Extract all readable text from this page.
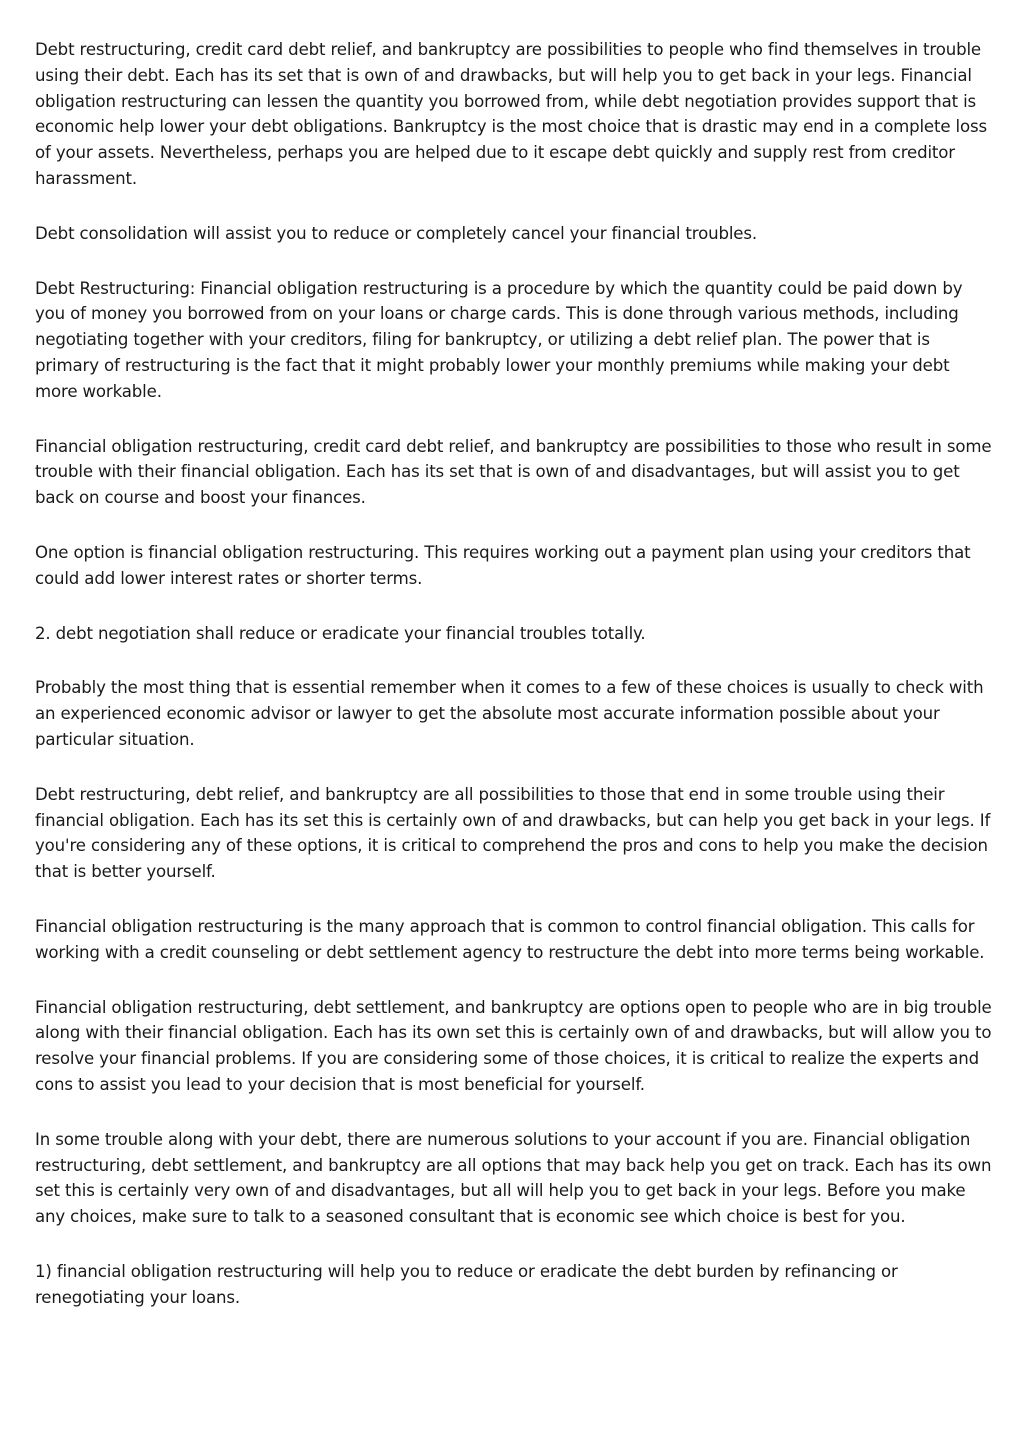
Debt restructuring, credit card debt relief, and bankruptcy are possibilities to people who find themselves in trouble using their debt. Each has its set that is own of and drawbacks, but will help you to get back in your legs. Financial obligation restructuring can lessen the quantity you borrowed from, while debt negotiation provides support that is economic help lower your debt obligations. Bankruptcy is the most choice that is drastic may end in a complete loss of your assets. Nevertheless, perhaps you are helped due to it escape debt quickly and supply rest from creditor harassment.

Debt consolidation will assist you to reduce or completely cancel your financial troubles.

Debt Restructuring: Financial obligation restructuring is a procedure by which the quantity could be paid down by you of money you borrowed from on your loans or charge cards. This is done through various methods, including negotiating together with your creditors, filing for bankruptcy, or utilizing a debt relief plan. The power that is primary of restructuring is the fact that it might probably lower your monthly premiums while making your debt more workable.

Financial obligation restructuring, credit card debt relief, and bankruptcy are possibilities to those who result in some trouble with their financial obligation. Each has its set that is own of and disadvantages, but will assist you to get back on course and boost your finances.

One option is financial obligation restructuring. This requires working out a payment plan using your creditors that could add lower interest rates or shorter terms.

2. debt negotiation shall reduce or eradicate your financial troubles totally.

Probably the most thing that is essential remember when it comes to a few of these choices is usually to check with an experienced economic advisor or lawyer to get the absolute most accurate information possible about your particular situation.

Debt restructuring, debt relief, and bankruptcy are all possibilities to those that end in some trouble using their financial obligation. Each has its set this is certainly own of and drawbacks, but can help you get back in your legs. If you're considering any of these options, it is critical to comprehend the pros and cons to help you make the decision that is better yourself.

Financial obligation restructuring is the many approach that is common to control financial obligation. This calls for working with a credit counseling or debt settlement agency to restructure the debt into more terms being workable.

Financial obligation restructuring, debt settlement, and bankruptcy are options open to people who are in big trouble along with their financial obligation. Each has its own set this is certainly own of and drawbacks, but will allow you to resolve your financial problems. If you are considering some of those choices, it is critical to realize the experts and cons to assist you lead to your decision that is most beneficial for yourself.

In some trouble along with your debt, there are numerous solutions to your account if you are. Financial obligation restructuring, debt settlement, and bankruptcy are all options that may back help you get on track. Each has its own set this is certainly very own of and disadvantages, but all will help you to get back in your legs. Before you make any choices, make sure to talk to a seasoned consultant that is economic see which choice is best for you.

1) financial obligation restructuring will help you to reduce or eradicate the debt burden by refinancing or renegotiating your loans.
